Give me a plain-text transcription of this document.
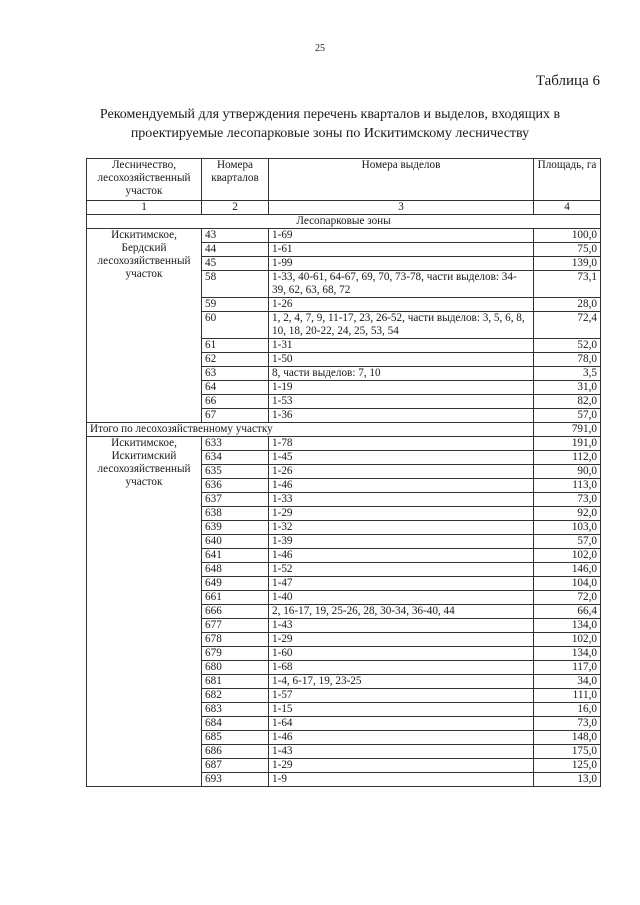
25
Таблица 6
Рекомендуемый для утверждения перечень кварталов и выделов, входящих в проектируемые лесопарковые зоны по Искитимскому лесничеству
Лесничество, лесохозяйственный участок	Номера кварталов	Номера выделов	Площадь, га
1	2	3	4
Лесопарковые зоны			
Искитимское, Бердский лесохозяйственный участок	43	1-69	100,0
	44	1-61	75,0
	45	1-99	139,0
	58	1-33, 40-61, 64-67, 69, 70, 73-78, части выделов: 34-39, 62, 63, 68, 72	73,1
	59	1-26	28,0
	60	1, 2, 4, 7, 9, 11-17, 23, 26-52, части выделов: 3, 5, 6, 8, 10, 18, 20-22, 24, 25, 53, 54	72,4
	61	1-31	52,0
	62	1-50	78,0
	63	8, части выделов: 7, 10	3,5
	64	1-19	31,0
	66	1-53	82,0
	67	1-36	57,0
Итого по лесохозяйственному участку			791,0
Искитимское, Искитимский лесохозяйственный участок	633	1-78	191,0
	634	1-45	112,0
	635	1-26	90,0
	636	1-46	113,0
	637	1-33	73,0
	638	1-29	92,0
	639	1-32	103,0
	640	1-39	57,0
	641	1-46	102,0
	648	1-52	146,0
	649	1-47	104,0
	661	1-40	72,0
	666	2, 16-17, 19, 25-26, 28, 30-34, 36-40, 44	66,4
	677	1-43	134,0
	678	1-29	102,0
	679	1-60	134,0
	680	1-68	117,0
	681	1-4, 6-17, 19, 23-25	34,0
	682	1-57	111,0
	683	1-15	16,0
	684	1-64	73,0
	685	1-46	148,0
	686	1-43	175,0
	687	1-29	125,0
	693	1-9	13,0
